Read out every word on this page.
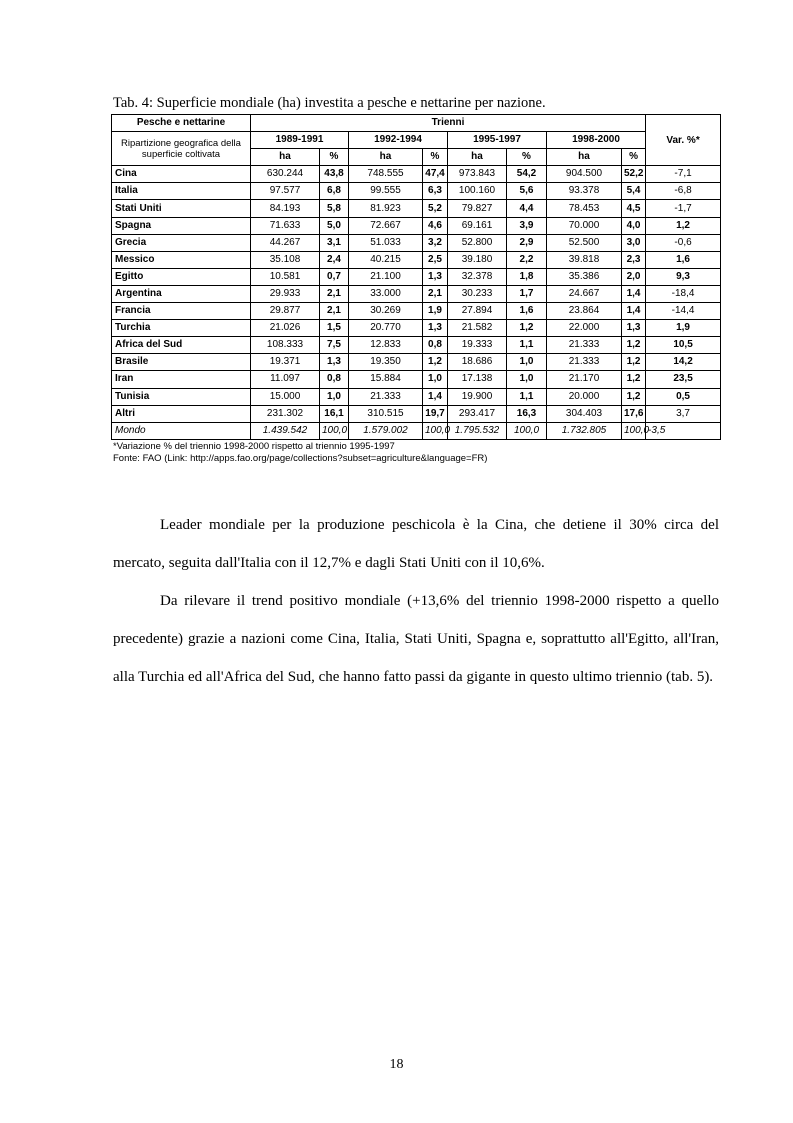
Tab. 4: Superficie mondiale (ha) investita a pesche e nettarine per nazione.
Pesche e nettarine	Trienni								Var. %*
Ripartizione geografica della superficie coltivata	1989-1991		1992-1994		1995-1997		1998-2000		
	ha	%	ha	%	ha	%	ha	%	
Cina	630.244	43,8	748.555	47,4	973.843	54,2	904.500	52,2	-7,1
Italia	97.577	6,8	99.555	6,3	100.160	5,6	93.378	5,4	-6,8
Stati Uniti	84.193	5,8	81.923	5,2	79.827	4,4	78.453	4,5	-1,7
Spagna	71.633	5,0	72.667	4,6	69.161	3,9	70.000	4,0	1,2
Grecia	44.267	3,1	51.033	3,2	52.800	2,9	52.500	3,0	-0,6
Messico	35.108	2,4	40.215	2,5	39.180	2,2	39.818	2,3	1,6
Egitto	10.581	0,7	21.100	1,3	32.378	1,8	35.386	2,0	9,3
Argentina	29.933	2,1	33.000	2,1	30.233	1,7	24.667	1,4	-18,4
Francia	29.877	2,1	30.269	1,9	27.894	1,6	23.864	1,4	-14,4
Turchia	21.026	1,5	20.770	1,3	21.582	1,2	22.000	1,3	1,9
Africa del Sud	108.333	7,5	12.833	0,8	19.333	1,1	21.333	1,2	10,5
Brasile	19.371	1,3	19.350	1,2	18.686	1,0	21.333	1,2	14,2
Iran	11.097	0,8	15.884	1,0	17.138	1,0	21.170	1,2	23,5
Tunisia	15.000	1,0	21.333	1,4	19.900	1,1	20.000	1,2	0,5
Altri	231.302	16,1	310.515	19,7	293.417	16,3	304.403	17,6	3,7
Mondo	1.439.542	100,0	1.579.002	100,0	1.795.532	100,0	1.732.805	100,0	-3,5
*Variazione % del triennio 1998-2000 rispetto al triennio 1995-1997
Fonte: FAO (Link: http://apps.fao.org/page/collections?subset=agriculture&language=FR)

Leader mondiale per la produzione peschicola è la Cina, che detiene il 30% circa del mercato, seguita dall'Italia con il 12,7% e dagli Stati Uniti con il 10,6%.

Da rilevare il trend positivo mondiale (+13,6% del triennio 1998-2000 rispetto a quello precedente) grazie a nazioni come Cina, Italia, Stati Uniti, Spagna e, soprattutto all'Egitto, all'Iran, alla Turchia ed all'Africa del Sud, che hanno fatto passi da gigante in questo ultimo triennio (tab. 5).

18
